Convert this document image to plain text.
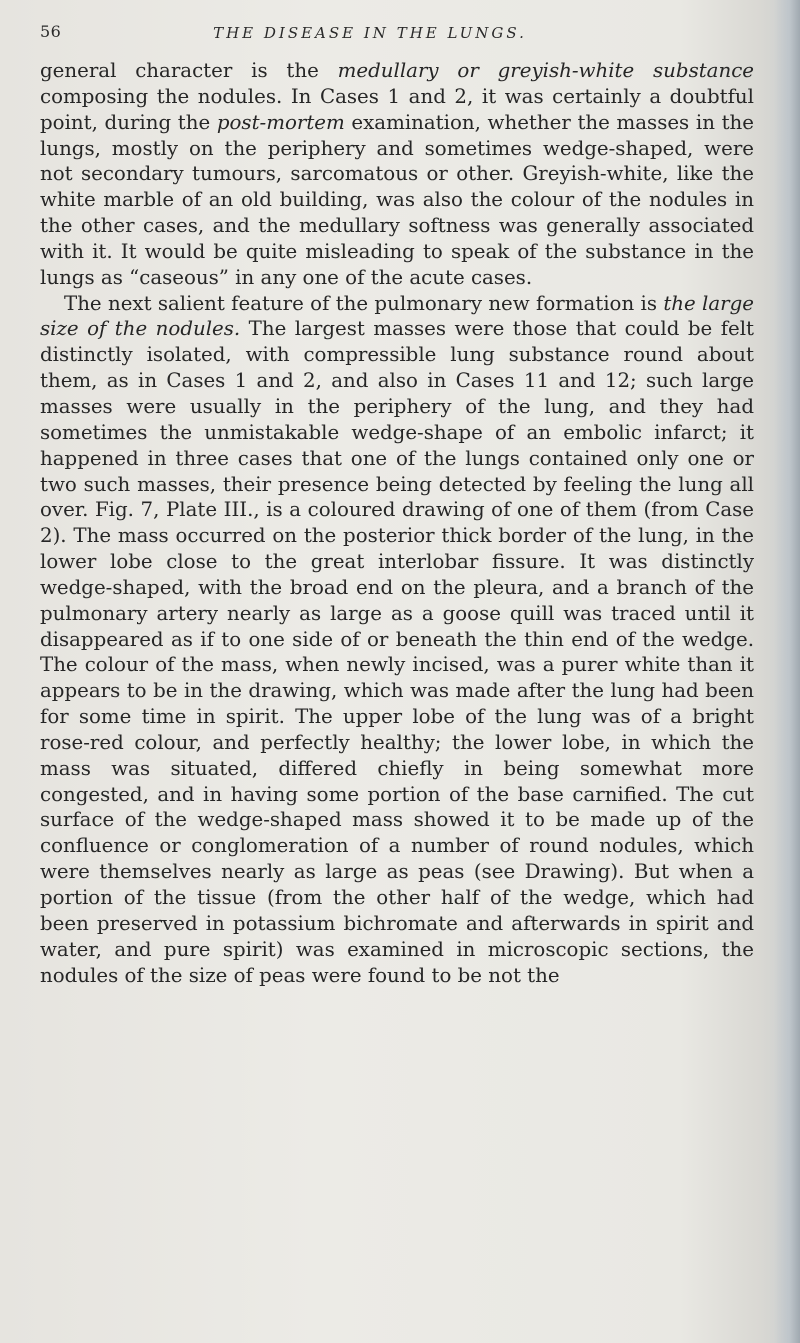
56	THE DISEASE IN THE LUNGS.

general character is the medullary or greyish-white substance composing the nodules. In Cases 1 and 2, it was certainly a doubtful point, during the post-mortem examination, whether the masses in the lungs, mostly on the periphery and sometimes wedge-shaped, were not secondary tumours, sarcomatous or other. Greyish-white, like the white marble of an old building, was also the colour of the nodules in the other cases, and the medullary softness was generally associated with it. It would be quite misleading to speak of the substance in the lungs as “caseous” in any one of the acute cases.

The next salient feature of the pulmonary new formation is the large size of the nodules. The largest masses were those that could be felt distinctly isolated, with compressible lung substance round about them, as in Cases 1 and 2, and also in Cases 11 and 12; such large masses were usually in the periphery of the lung, and they had sometimes the unmistakable wedge-shape of an embolic infarct; it happened in three cases that one of the lungs contained only one or two such masses, their presence being detected by feeling the lung all over. Fig. 7, Plate III., is a coloured drawing of one of them (from Case 2). The mass occurred on the posterior thick border of the lung, in the lower lobe close to the great interlobar fissure. It was distinctly wedge-shaped, with the broad end on the pleura, and a branch of the pulmonary artery nearly as large as a goose quill was traced until it disappeared as if to one side of or beneath the thin end of the wedge. The colour of the mass, when newly incised, was a purer white than it appears to be in the drawing, which was made after the lung had been for some time in spirit. The upper lobe of the lung was of a bright rose-red colour, and perfectly healthy; the lower lobe, in which the mass was situated, differed chiefly in being somewhat more congested, and in having some portion of the base carnified. The cut surface of the wedge-shaped mass showed it to be made up of the confluence or conglomeration of a number of round nodules, which were themselves nearly as large as peas (see Drawing). But when a portion of the tissue (from the other half of the wedge, which had been preserved in potassium bichromate and afterwards in spirit and water, and pure spirit) was examined in microscopic sections, the nodules of the size of peas were found to be not the
